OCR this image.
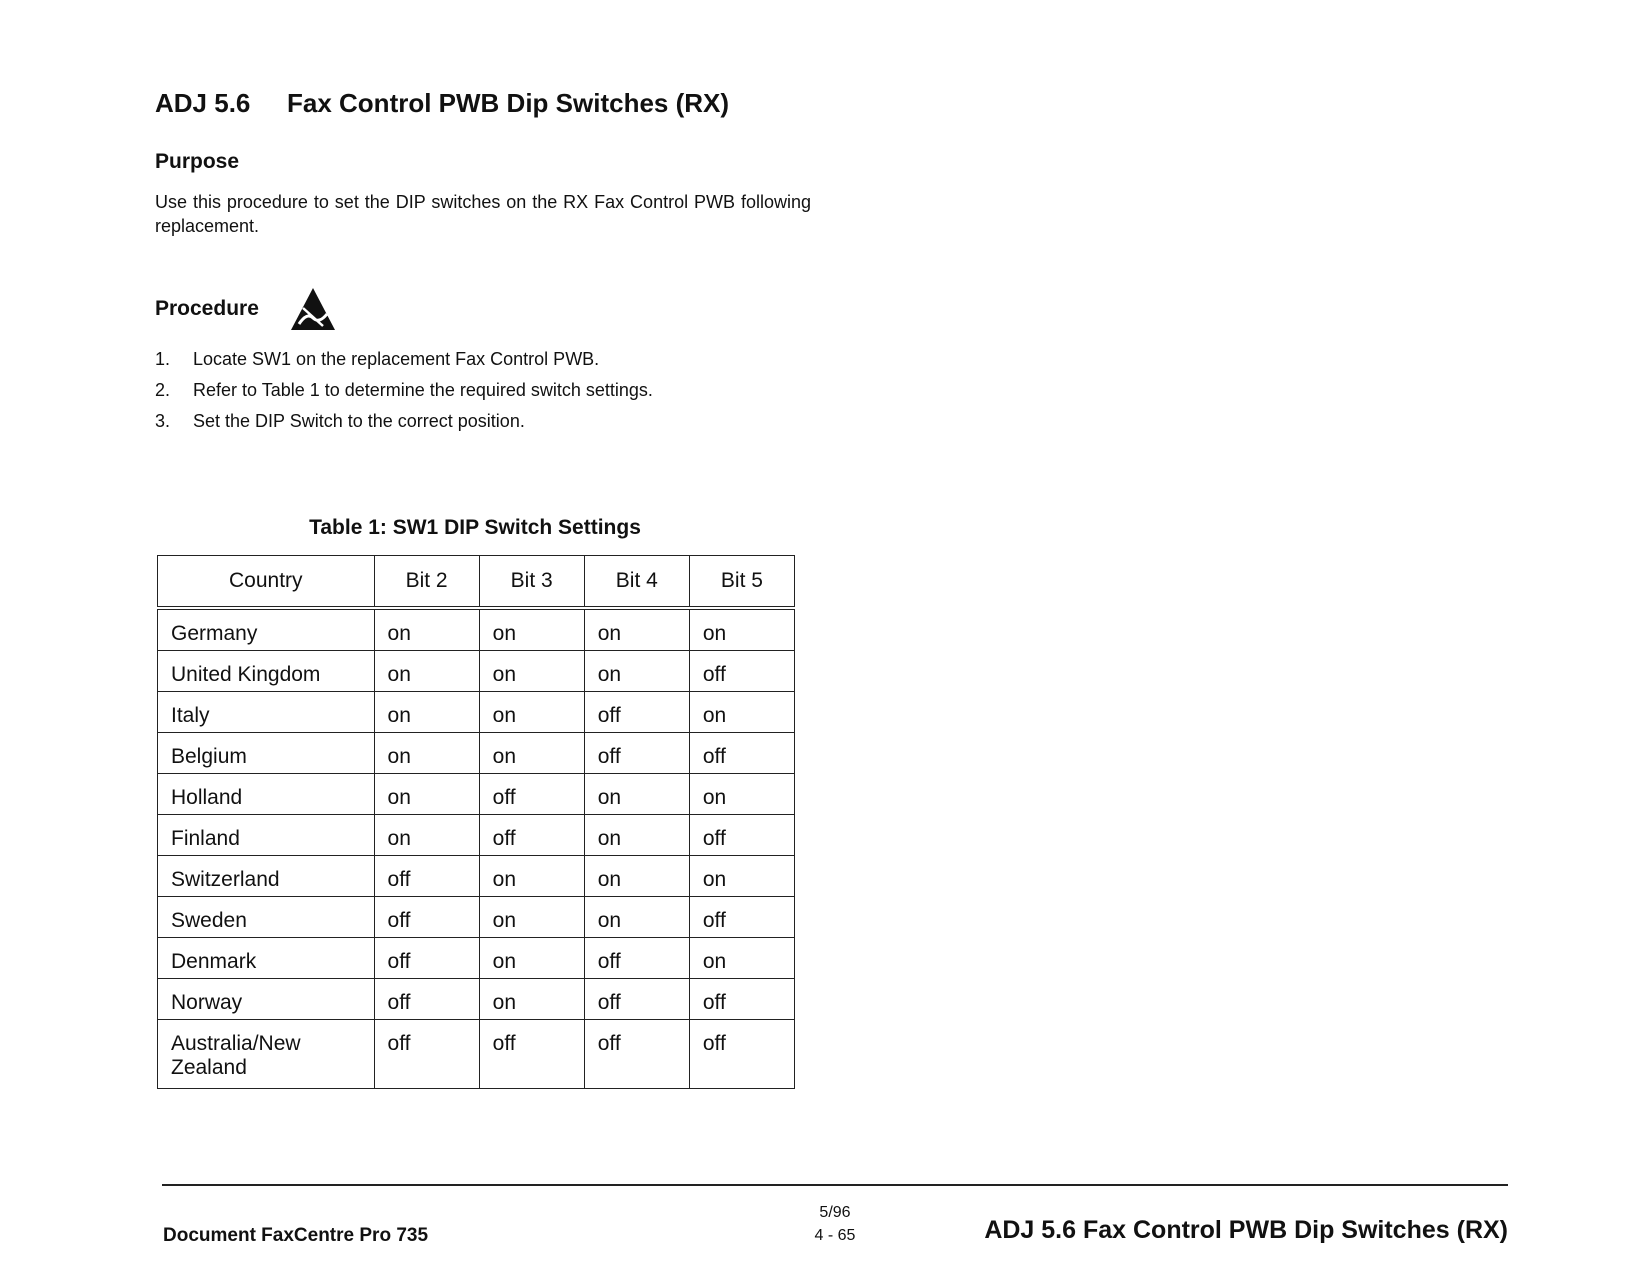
ADJ 5.6 Fax Control PWB Dip Switches (RX)
Purpose

Use this procedure to set the DIP switches on the RX Fax Control PWB following replacement.

Procedure
1.	Locate SW1 on the replacement Fax Control PWB.
2.	Refer to Table 1 to determine the required switch settings.
3.	Set the DIP Switch to the correct position.

Table 1: SW1 DIP Switch Settings

Country	Bit 2	Bit 3	Bit 4	Bit 5
Germany	on	on	on	on
United Kingdom	on	on	on	off
Italy	on	on	off	on
Belgium	on	on	off	off
Holland	on	off	on	on
Finland	on	off	on	off
Switzerland	off	on	on	on
Sweden	off	on	on	off
Denmark	off	on	off	on
Norway	off	on	off	off
Australia/New Zealand	off	off	off	off
Document FaxCentre Pro 735
5/96
4 - 65	ADJ 5.6 Fax Control PWB Dip Switches (RX)
